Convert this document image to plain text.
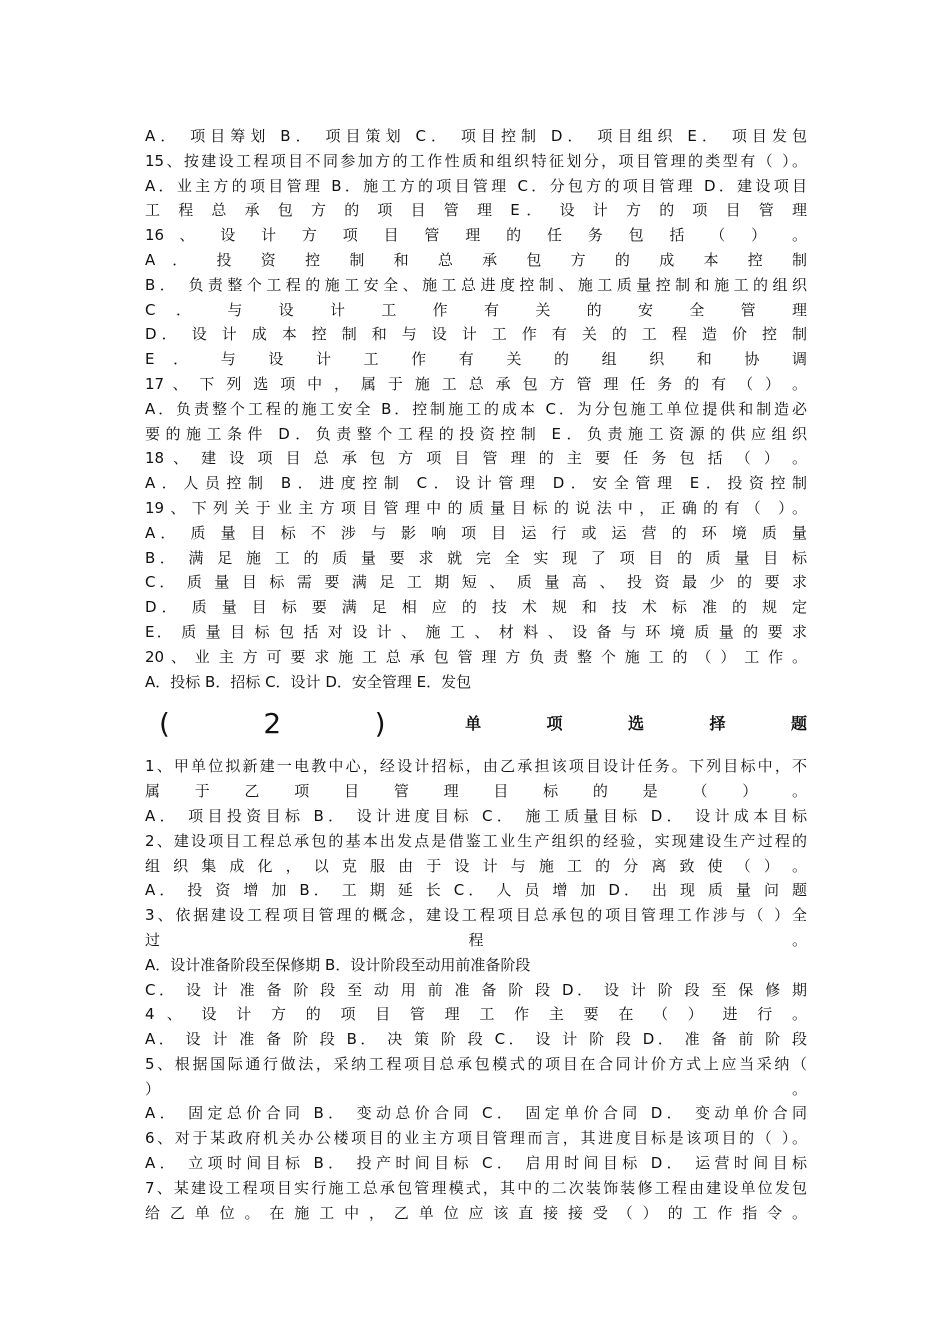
A． 项目筹划 B． 项目策划 C． 项目控制 D． 项目组织 E． 项目发包
15、按建设工程项目不同参加方的工作性质和组织特征划分，项目管理的类型有（ ）。
A．业主方的项目管理 B．施工方的项目管理 C．分包方的项目管理 D．建设项目
工 程 总 承 包 方 的 项 目 管 理 E． 设 计 方 的 项 目 管 理
16 、 设 计 方 项 目 管 理 的 任 务 包 括 （ ） 。
A ． 投 资 控 制 和 总 承 包 方 的 成 本 控 制
B． 负责整个工程的施工安全、施工总进度控制、施工质量控制和施工的组织
C ． 与 设 计 工 作 有 关 的 安 全 管 理
D． 设 计 成 本 控 制 和 与 设 计 工 作 有 关 的 工 程 造 价 控 制
E ． 与 设 计 工 作 有 关 的 组 织 和 协 调
17 、 下 列 选 项 中 ， 属 于 施 工 总 承 包 方 管 理 任 务 的 有 （ ） 。
A．负责整个工程的施工安全 B．控制施工的成本 C．为分包施工单位提供和制造必
要的施工条件 D．负责整个工程的投资控制 E．负责施工资源的供应组织
18 、 建 设 项 目 总 承 包 方 项 目 管 理 的 主 要 任 务 包 括 （ ） 。
A．人员控制 B．进度控制 C．设计管理 D．安全管理 E．投资控制
19、下列关于业主方项目管理中的质量目标的说法中，正确的有（ ）。
A． 质 量 目 标 不 涉 与 影 响 项 目 运 行 或 运 营 的 环 境 质 量
B． 满 足 施 工 的 质 量 要 求 就 完 全 实 现 了 项 目 的 质 量 目 标
C． 质 量 目 标 需 要 满 足 工 期 短 、 质 量 高 、 投 资 最 少 的 要 求
D． 质 量 目 标 要 满 足 相 应 的 技 术 规 和 技 术 标 准 的 规 定
E． 质 量 目 标 包 括 对 设 计 、 施 工 、 材 料 、 设 备 与 环 境 质 量 的 要 求
20 、 业 主 方 可 要 求 施 工 总 承 包 管 理 方 负 责 整 个 施 工 的 （ ） 工 作 。
A．投标 B．招标 C．设计 D．安全管理 E．发包
(	2	)	单	项	选	择	题
1、甲单位拟新建一电教中心，经设计招标，由乙承担该项目设计任务。下列目标中，不
属 于 乙 项 目 管 理 目 标 的 是 （ ） 。
A． 项目投资目标 B． 设计进度目标 C． 施工质量目标 D． 设计成本目标
2、建设项目工程总承包的基本出发点是借鉴工业生产组织的经验，实现建设生产过程的
组 织 集 成 化 ， 以 克 服 由 于 设 计 与 施 工 的 分 离 致 使 （ ） 。
A． 投 资 增 加 B． 工 期 延 长 C． 人 员 增 加 D． 出 现 质 量 问 题
3、依据建设工程项目管理的概念，建设工程项目总承包的项目管理工作涉与（ ）全
过 程 。
A．设计准备阶段至保修期 B．设计阶段至动用前准备阶段
C． 设 计 准 备 阶 段 至 动 用 前 准 备 阶 段 D． 设 计 阶 段 至 保 修 期
4 、 设 计 方 的 项 目 管 理 工 作 主 要 在 （ ） 进 行 。
A． 设 计 准 备 阶 段 B． 决 策 阶 段 C． 设 计 阶 段 D． 准 备 前 阶 段
5、根据国际通行做法，采纳工程项目总承包模式的项目在合同计价方式上应当采纳（
） 。
A． 固定总价合同 B． 变动总价合同 C． 固定单价合同 D． 变动单价合同
6、对于某政府机关办公楼项目的业主方项目管理而言，其进度目标是该项目的（ ）。
A． 立项时间目标 B． 投产时间目标 C． 启用时间目标 D． 运营时间目标
7、某建设工程项目实行施工总承包管理模式，其中的二次装饰装修工程由建设单位发包
给 乙 单 位 。 在 施 工 中 ， 乙 单 位 应 该 直 接 接 受 （ ） 的 工 作 指 令 。
